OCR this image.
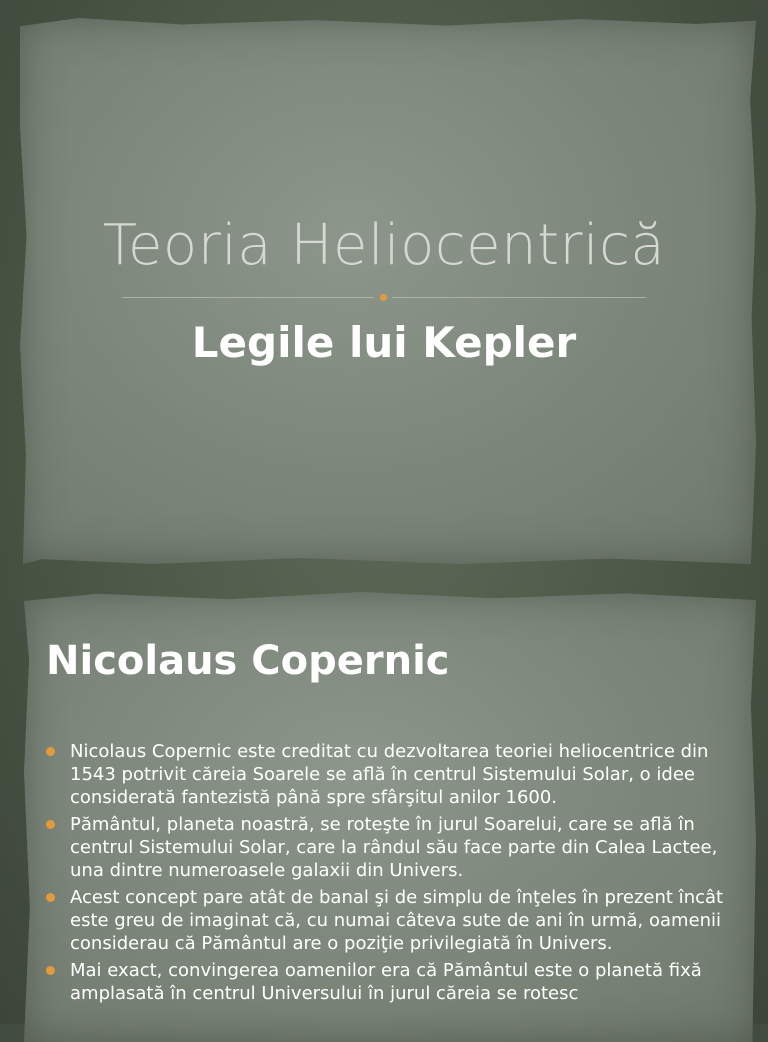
Teoria Heliocentrică
Legile lui Kepler
Nicolaus Copernic
Nicolaus Copernic este creditat cu dezvoltarea teoriei heliocentrice din 1543 potrivit căreia Soarele se află în centrul Sistemului Solar, o idee considerată fantezistă până spre sfârşitul anilor 1600.
Pământul, planeta noastră, se roteşte în jurul Soarelui, care se află în centrul Sistemului Solar, care la rândul său face parte din Calea Lactee, una dintre numeroasele galaxii din Univers.
Acest concept pare atât de banal şi de simplu de înţeles în prezent încât este greu de imaginat că, cu numai câteva sute de ani în urmă, oamenii considerau că Pământul are o poziţie privilegiată în Univers.
Mai exact, convingerea oamenilor era că Pământul este o planetă fixă amplasată în centrul Universului în jurul căreia se rotesc
